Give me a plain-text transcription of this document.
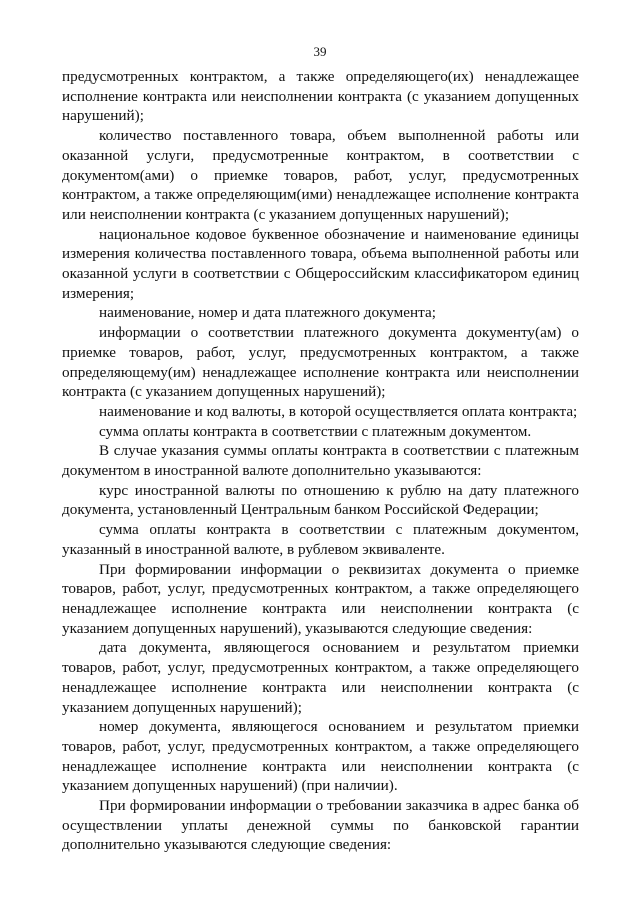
39

предусмотренных контрактом, а также определяющего(их) ненадлежащее исполнение контракта или неисполнении контракта (с указанием допущенных нарушений);

количество поставленного товара, объем выполненной работы или оказанной услуги, предусмотренные контрактом, в соответствии с документом(ами) о приемке товаров, работ, услуг, предусмотренных контрактом, а также определяющим(ими) ненадлежащее исполнение контракта или неисполнении контракта (с указанием допущенных нарушений);

национальное кодовое буквенное обозначение и наименование единицы измерения количества поставленного товара, объема выполненной работы или оказанной услуги в соответствии с Общероссийским классификатором единиц измерения;

наименование, номер и дата платежного документа;

информации о соответствии платежного документа документу(ам) о приемке товаров, работ, услуг, предусмотренных контрактом, а также определяющему(им) ненадлежащее исполнение контракта или неисполнении контракта (с указанием допущенных нарушений);

наименование и код валюты, в которой осуществляется оплата контракта;

сумма оплаты контракта в соответствии с платежным документом.

В случае указания суммы оплаты контракта в соответствии с платежным документом в иностранной валюте дополнительно указываются:

курс иностранной валюты по отношению к рублю на дату платежного документа, установленный Центральным банком Российской Федерации;

сумма оплаты контракта в соответствии с платежным документом, указанный в иностранной валюте, в рублевом эквиваленте.

При формировании информации о реквизитах документа о приемке товаров, работ, услуг, предусмотренных контрактом, а также определяющего ненадлежащее исполнение контракта или неисполнении контракта (с указанием допущенных нарушений), указываются следующие сведения:

дата документа, являющегося основанием и результатом приемки товаров, работ, услуг, предусмотренных контрактом, а также определяющего ненадлежащее исполнение контракта или неисполнении контракта (с указанием допущенных нарушений);

номер документа, являющегося основанием и результатом приемки товаров, работ, услуг, предусмотренных контрактом, а также определяющего ненадлежащее исполнение контракта или неисполнении контракта (с указанием допущенных нарушений) (при наличии).

При формировании информации о требовании заказчика в адрес банка об осуществлении уплаты денежной суммы по банковской гарантии дополнительно указываются следующие сведения:
